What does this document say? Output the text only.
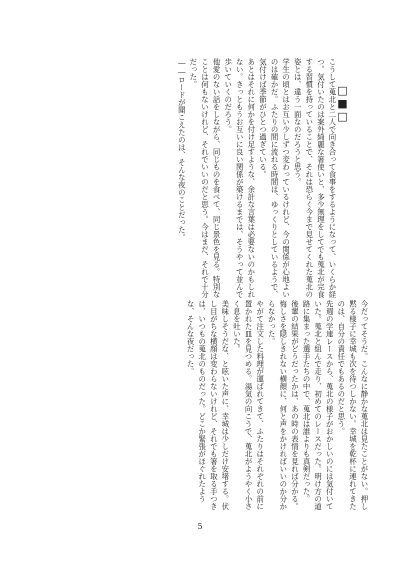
□■□

こうして蒐北と二人で向き合って食事をするようになって、いくらか経つ。気付いたのは案外綺麗な箸使いと、多少無理をしてでも蒐北が完食する習慣を持っていることで、それは恐らく今まで見せてくれた蒐北の姿とは、違う一面なのだろうと思う。

学生の頃とはお互い少しずつ変わっているけれど、今の関係が心地よいのは確かだ。ふたりの間に流れる時間は、ゆっくりとしているようで、気付けば季節がひとつ過ぎている。

あとはそれに何かを付け足すような、余計な言葉は必要ないのかもしれない。きっともうお互いに良い関係が築けるまでは、そうやって並んで歩いていくのだろう。

他愛のない話をしながら、同じものを食べて、同じ景色を見る。特別なことは何もないけれど、それでいいのだと思う。今はまだ、それで十分だった。

――ロードが聞こえたのは、そんな夜のことだった。

今だってそうだ。こんなに静かな蒐北は見たことがない。押し黙る様子に幸城も次を待つしかない。幸城を乾杯に連れてきたのは、自分の責任でもあるのだと思う。

先週の学連レースから、蒐北の様子がおかしいのには気付いていた。蒐北と組んで走り、初めてのレースだった。明け方の道路に集まった選手たちの中で、蒐北は誰よりも真剣だった。

後輩の結果がどうだったかは、あの時の表情を見れば分かる。悔しさを隠しきれない横顔に、何と声をかければいいのか分からなかった。

やがて注文した料理が運ばれてきて、ふたりはそれぞれの前に置かれた皿を見つめる。湯気の向こうで、蒐北がようやく小さく息を吐いた。

美味しそうだな、と呟いた声に、幸城は少しだけ安堵する。伏し目がちな横顔は変わらないけれど、それでも箸を取る手つきは、いつもの蒐北のものだった。どこか緊張がほぐれたような、そんな夜だった。

5
